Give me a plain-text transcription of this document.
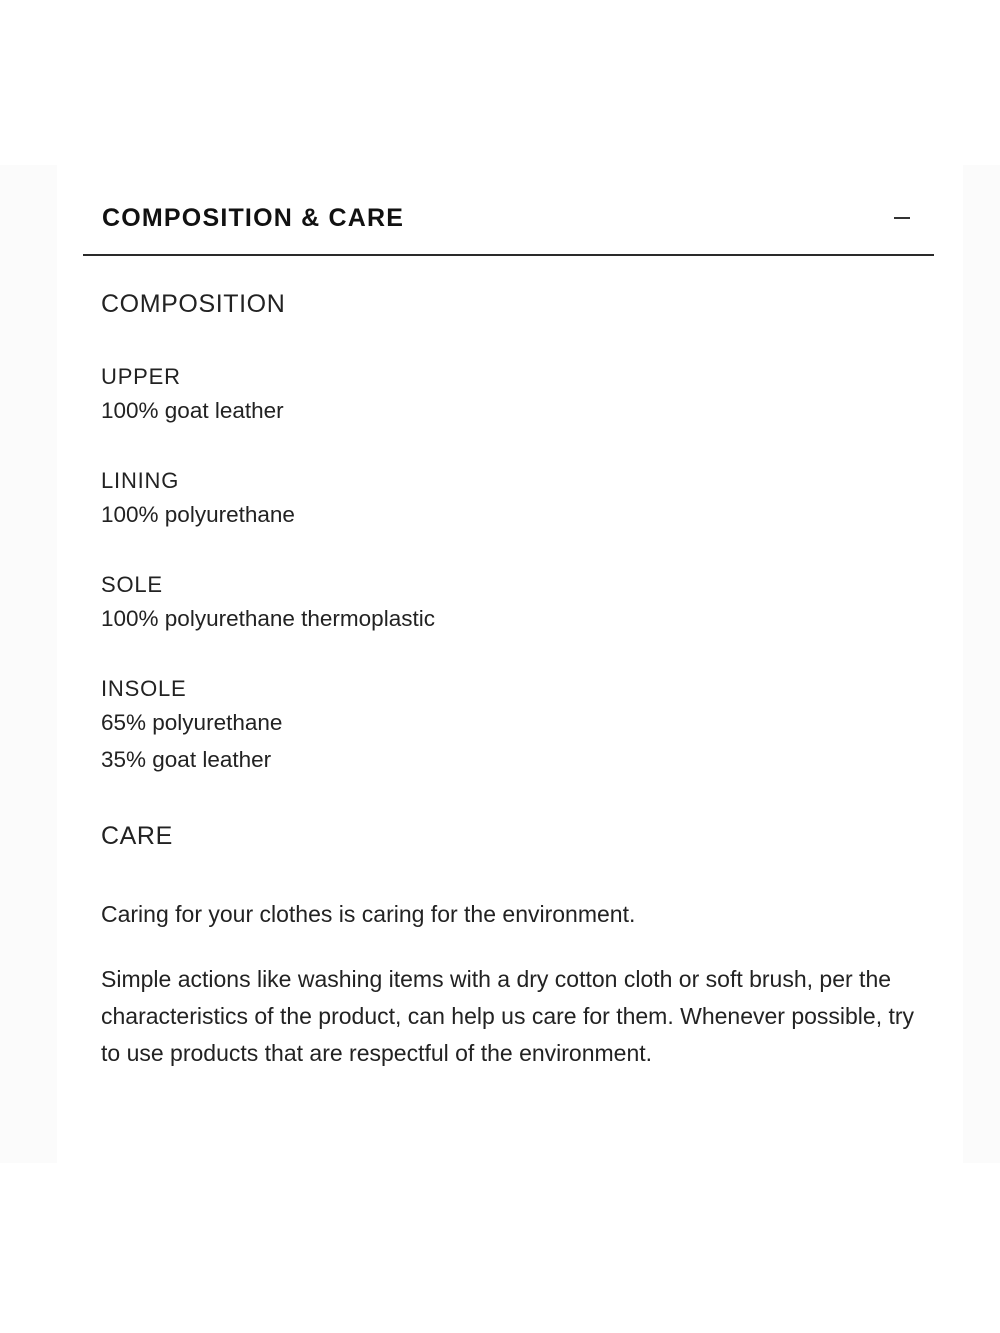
COMPOSITION & CARE
COMPOSITION
UPPER
100% goat leather
LINING
100% polyurethane
SOLE
100% polyurethane thermoplastic
INSOLE
65% polyurethane
35% goat leather
CARE

Caring for your clothes is caring for the environment.

Simple actions like washing items with a dry cotton cloth or soft brush, per the characteristics of the product, can help us care for them. Whenever possible, try to use products that are respectful of the environment.
